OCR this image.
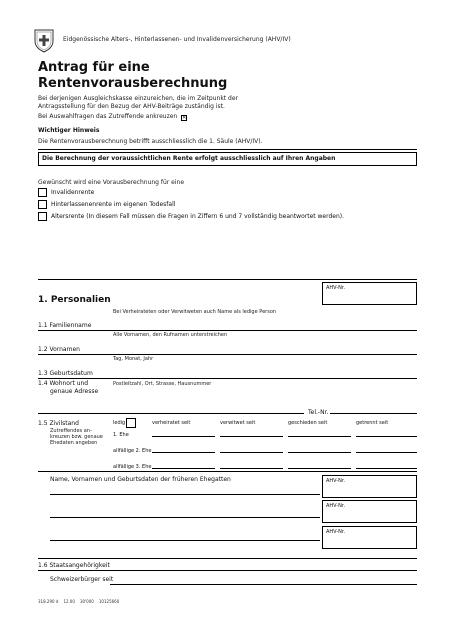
Eidgenössische Alters-, Hinterlassenen- und Invalidenversicherung (AHV/IV)
Antrag für eine
Rentenvorausberechnung
Bei derjenigen Ausgleichskasse einzureichen, die im Zeitpunkt der
Antragsstellung für den Bezug der AHV-Beiträge zuständig ist.
Bei Auswahlfragen das Zutreffende ankreuzen ✕
Wichtiger Hinweis
Die Rentenvorausberechnung betrifft ausschliesslich die 1. Säule (AHV/IV).
Die Berechnung der voraussichtlichen Rente erfolgt ausschliesslich auf Ihren Angaben
Gewünscht wird eine Vorausberechnung für eine
Invalidenrente
Hinterlassenenrente im eigenen Todesfall
Altersrente (In diesem Fall müssen die Fragen in Ziffern 6 und 7 vollständig beantwortet werden).
1. Personalien
AHV-Nr.
Bei Verheirateten oder Verwitweten auch Name als ledige Person
1.1 Familienname
Alle Vornamen, den Rufnamen unterstreichen
1.2 Vornamen
Tag, Monat, Jahr
1.3 Geburtsdatum
1.4 Wohnort und
genaue Adresse
Postleitzahl, Ort, Strasse, Hausnummer
Tel.-Nr.
1.5 Zivilstand
Zutreffendes an-
kreuzen bzw. genaue
Ehedaten angeben
ledig	verheiratet seit	verwitwet seit	geschieden seit	getrennt seit
1. Ehe
allfällige 2. Ehe
allfällige 3. Ehe
Name, Vornamen und Geburtsdaten der früheren Ehegatten	AHV-Nr.
AHV-Nr.
AHV-Nr.
1.6 Staatsangehörigkeit
Schweizerbürger seit
318.290 d    12.00    30'000    10125660
